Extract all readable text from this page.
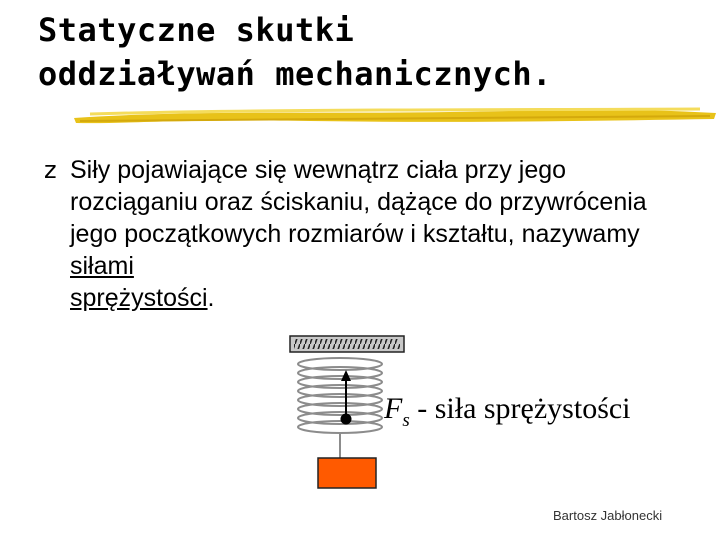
Statyczne skutki
oddziaływań mechanicznych.
z Siły pojawiające się wewnątrz ciała przy jego rozciąganiu oraz ściskaniu, dążące do przywrócenia jego początkowych rozmiarów i kształtu, nazywamy siłami
sprężystości.
$F_s$ - siła sprężystości
Bartosz Jabłonecki
